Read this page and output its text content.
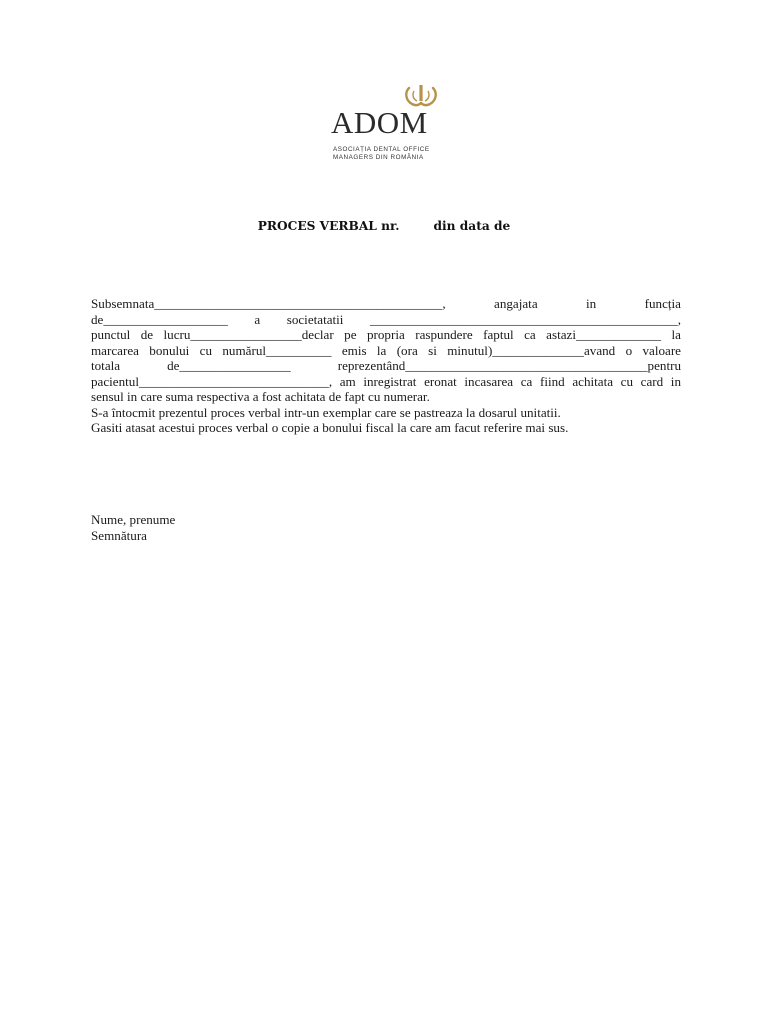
ADOM
ASOCIAȚIA DENTAL OFFICE
MANAGERS DIN ROMÂNIA
PROCES VERBAL nr.	din data de
Subsemnata____________________________________________, angajata in funcția
de___________________ a societatatii _______________________________________________,
punctul de lucru_________________declar pe propria raspundere faptul ca astazi_____________ la
marcarea bonului cu numărul__________ emis la (ora si minutul)______________avand o valoare
totala de_________________ reprezentând_____________________________________pentru
pacientul_____________________________, am inregistrat eronat incasarea ca fiind achitata cu card in
sensul in care suma respectiva a fost achitata de fapt cu numerar.
S-a întocmit prezentul proces verbal intr-un exemplar care se pastreaza la dosarul unitatii.
Gasiti atasat acestui proces verbal o copie a bonului fiscal la care am facut referire mai sus.
Nume, prenume
Semnătura
